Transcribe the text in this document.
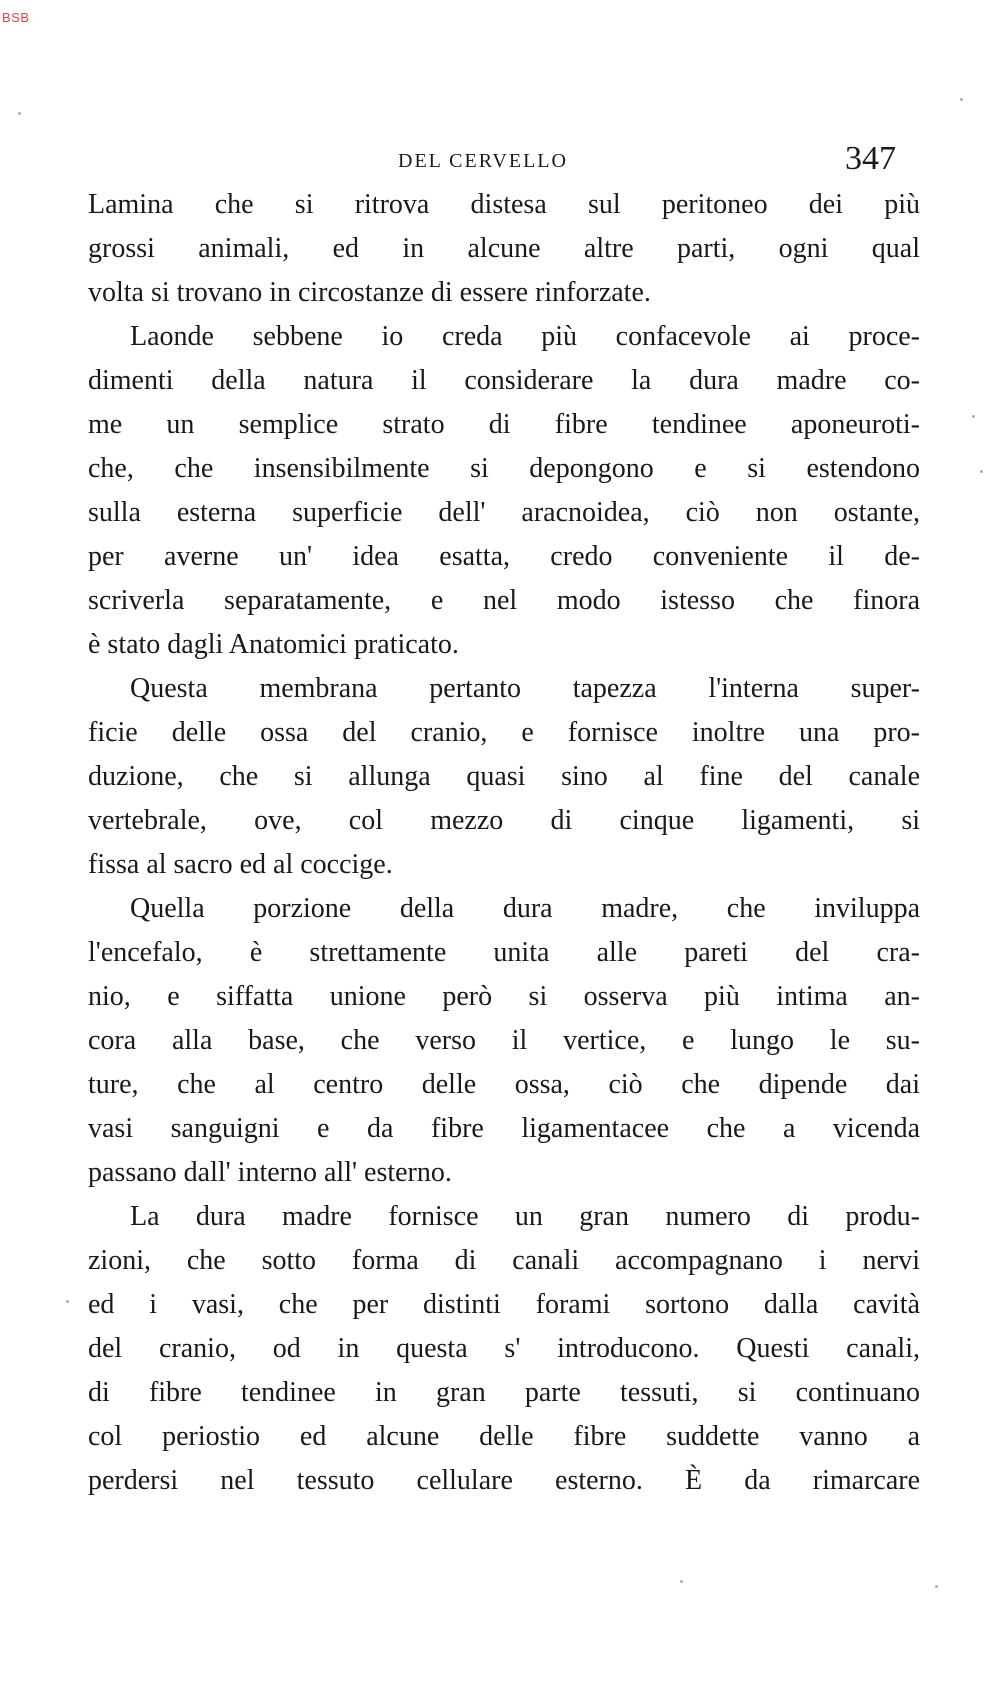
BSB
DEL CERVELLO	347
Lamina che si ritrova distesa sul peritoneo dei più
grossi animali, ed in alcune altre parti, ogni qual
volta si trovano in circostanze di essere rinforzate.
Laonde sebbene io creda più confacevole ai proce-
dimenti della natura il considerare la dura madre co-
me un semplice strato di fibre tendinee aponeuroti-
che, che insensibilmente si depongono e si estendono
sulla esterna superficie dell' aracnoidea, ciò non ostante,
per averne un' idea esatta, credo conveniente il de-
scriverla separatamente, e nel modo istesso che finora
è stato dagli Anatomici praticato.
Questa membrana pertanto tapezza l'interna super-
ficie delle ossa del cranio, e fornisce inoltre una pro-
duzione, che si allunga quasi sino al fine del canale
vertebrale, ove, col mezzo di cinque ligamenti, si
fissa al sacro ed al coccige.
Quella porzione della dura madre, che inviluppa
l'encefalo, è strettamente unita alle pareti del cra-
nio, e siffatta unione però si osserva più intima an-
cora alla base, che verso il vertice, e lungo le su-
ture, che al centro delle ossa, ciò che dipende dai
vasi sanguigni e da fibre ligamentacee che a vicenda
passano dall' interno all' esterno.
La dura madre fornisce un gran numero di produ-
zioni, che sotto forma di canali accompagnano i nervi
ed i vasi, che per distinti forami sortono dalla cavità
del cranio, od in questa s' introducono. Questi canali,
di fibre tendinee in gran parte tessuti, si continuano
col periostio ed alcune delle fibre suddette vanno a
perdersi nel tessuto cellulare esterno. È da rimarcare
